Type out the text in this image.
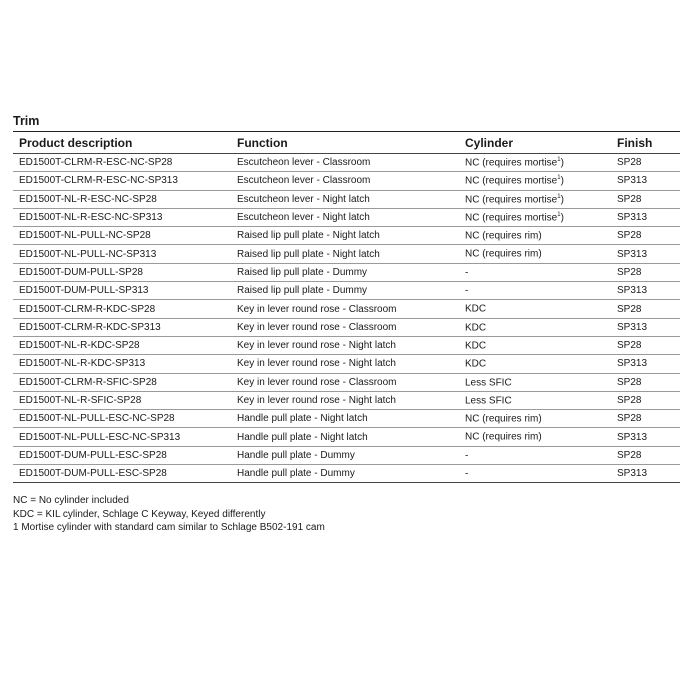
Trim
Product description	Function	Cylinder	Finish
ED1500T-CLRM-R-ESC-NC-SP28	Escutcheon lever - Classroom	NC (requires mortise$^1$)	SP28
ED1500T-CLRM-R-ESC-NC-SP313	Escutcheon lever - Classroom	NC (requires mortise$^1$)	SP313
ED1500T-NL-R-ESC-NC-SP28	Escutcheon lever - Night latch	NC (requires mortise$^1$)	SP28
ED1500T-NL-R-ESC-NC-SP313	Escutcheon lever - Night latch	NC (requires mortise$^1$)	SP313
ED1500T-NL-PULL-NC-SP28	Raised lip pull plate - Night latch	NC (requires rim)	SP28
ED1500T-NL-PULL-NC-SP313	Raised lip pull plate - Night latch	NC (requires rim)	SP313
ED1500T-DUM-PULL-SP28	Raised lip pull plate - Dummy	-	SP28
ED1500T-DUM-PULL-SP313	Raised lip pull plate - Dummy	-	SP313
ED1500T-CLRM-R-KDC-SP28	Key in lever round rose - Classroom	KDC	SP28
ED1500T-CLRM-R-KDC-SP313	Key in lever round rose - Classroom	KDC	SP313
ED1500T-NL-R-KDC-SP28	Key in lever round rose - Night latch	KDC	SP28
ED1500T-NL-R-KDC-SP313	Key in lever round rose - Night latch	KDC	SP313
ED1500T-CLRM-R-SFIC-SP28	Key in lever round rose - Classroom	Less SFIC	SP28
ED1500T-NL-R-SFIC-SP28	Key in lever round rose - Night latch	Less SFIC	SP28
ED1500T-NL-PULL-ESC-NC-SP28	Handle pull plate - Night latch	NC (requires rim)	SP28
ED1500T-NL-PULL-ESC-NC-SP313	Handle pull plate - Night latch	NC (requires rim)	SP313
ED1500T-DUM-PULL-ESC-SP28	Handle pull plate - Dummy	-	SP28
ED1500T-DUM-PULL-ESC-SP28	Handle pull plate - Dummy	-	SP313
NC = No cylinder included
KDC = KIL cylinder, Schlage C Keyway, Keyed differently
1 Mortise cylinder with standard cam similar to Schlage B502-191 cam
